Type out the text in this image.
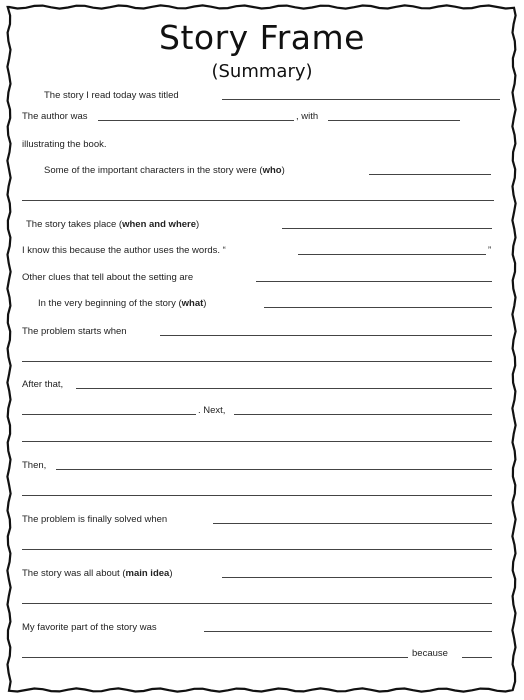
Story Frame
(Summary)
The story I read today was titled
The author was	, with
illustrating the book.
Some of the important characters in the story were (who)
The story takes place (when and where)
I know this because the author uses the words. “	”
Other clues that tell about the setting are
In the very beginning of the story (what)
The problem starts when
After that,
. Next,
Then,
The problem is finally solved when
The story was all about (main idea)
My favorite part of the story was
because
